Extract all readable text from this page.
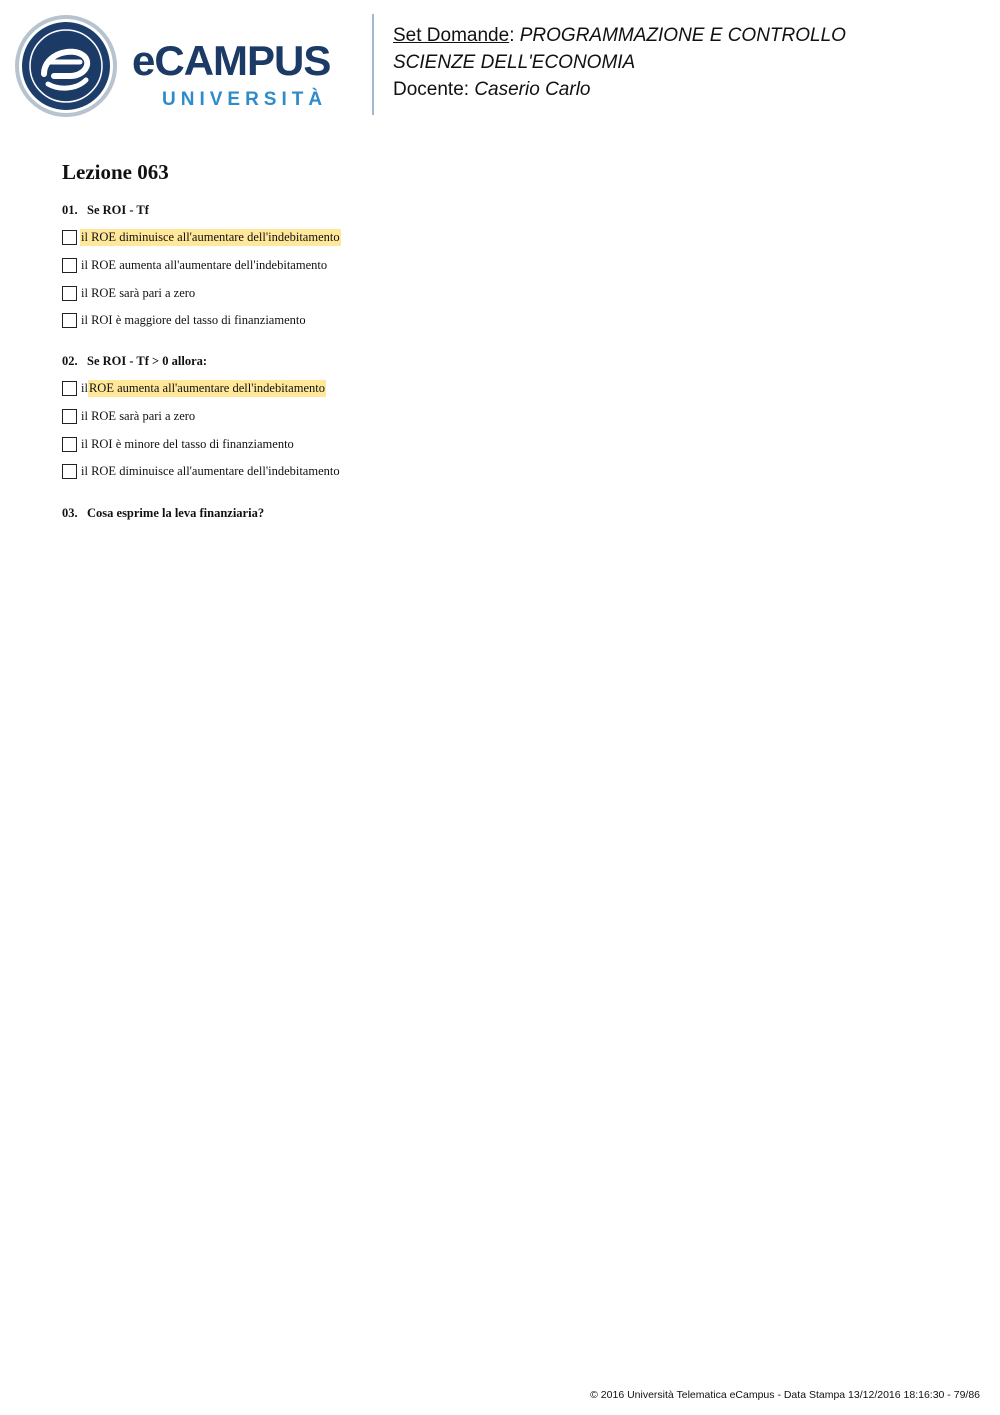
eCAMPUS
UNIVERSITÀ
Set Domande: PROGRAMMAZIONE E CONTROLLO
SCIENZE DELL'ECONOMIA
Docente: Caserio Carlo
Lezione 063
01. Se ROI - Tf
il ROE diminuisce all'aumentare dell'indebitamento
il ROE aumenta all'aumentare dell'indebitamento
il ROE sarà pari a zero
il ROI è maggiore del tasso di finanziamento
02. Se ROI - Tf > 0 allora:
il ROE aumenta all'aumentare dell'indebitamento
il ROE sarà pari a zero
il ROI è minore del tasso di finanziamento
il ROE diminuisce all'aumentare dell'indebitamento
03. Cosa esprime la leva finanziaria?
© 2016 Università Telematica eCampus - Data Stampa 13/12/2016 18:16:30 - 79/86
